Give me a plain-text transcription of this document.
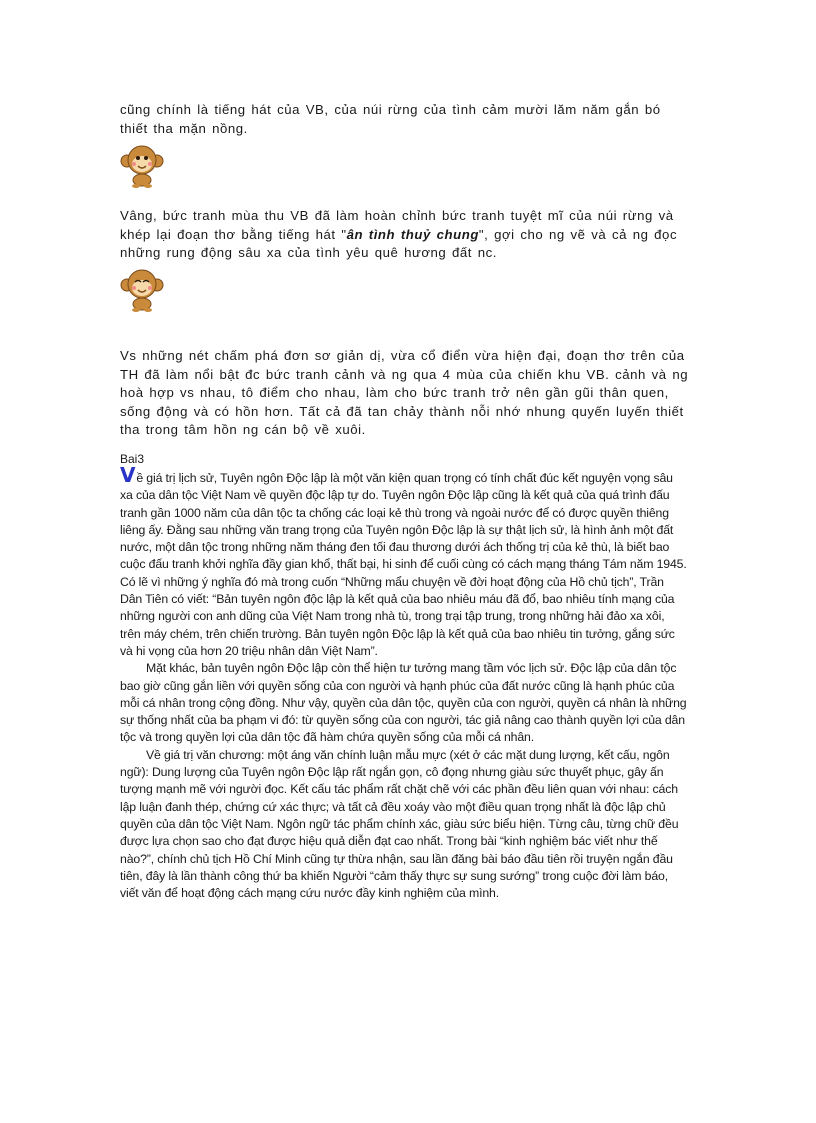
cũng chính là tiếng hát của VB, của núi rừng của tình cảm mười lăm năm gắn bó thiết tha mặn nồng.

Vâng, bức tranh mùa thu VB đã làm hoàn chỉnh bức tranh tuyệt mĩ của núi rừng và khép lại đoạn thơ bằng tiếng hát "ân tình thuỷ chung", gợi cho ng vẽ và cả ng đọc những rung động sâu xa của tình yêu quê hương đất nc.

Vs những nét chấm phá đơn sơ giản dị, vừa cổ điển vừa hiện đại, đoạn thơ trên của TH đã làm nổi bật đc bức tranh cảnh và ng qua 4 mùa của chiến khu VB. cảnh và ng hoà hợp vs nhau, tô điểm cho nhau, làm cho bức tranh trở nên gần gũi thân quen, sống động và có hồn hơn. Tất cả đã tan chảy thành nỗi nhớ nhung quyến luyến thiết tha trong tâm hồn ng cán bộ về xuôi.

Bai3

Về giá trị lịch sử, Tuyên ngôn Độc lập là một văn kiện quan trọng có tính chất đúc kết nguyện vọng sâu xa của dân tộc Việt Nam về quyền độc lập tự do. Tuyên ngôn Độc lập cũng là kết quả của quá trình đấu tranh gần 1000 năm của dân tộc ta chống các loại kẻ thù trong và ngoài nước để có được quyền thiêng liêng ấy. Đằng sau những văn trang trọng của Tuyên ngôn Độc lập là sự thật lịch sử, là hình ảnh một đất nước, một dân tộc trong những năm tháng đen tối đau thương dưới ách thống trị của kẻ thù, là biết bao cuộc đấu tranh khởi nghĩa đầy gian khổ, thất bại, hi sinh để cuối cùng có cách mạng tháng Tám năm 1945. Có lẽ vì những ý nghĩa đó mà trong cuốn “Những mẩu chuyện về đời hoạt động của Hồ chủ tịch”, Trần Dân Tiên có viết: “Bản tuyên ngôn độc lập là kết quả của bao nhiêu máu đã đổ, bao nhiêu tính mạng của những người con anh dũng của Việt Nam trong nhà tù, trong trại tập trung, trong những hải đảo xa xôi, trên máy chém, trên chiến trường. Bản tuyên ngôn Độc lập là kết quả của bao nhiêu tin tưởng, gắng sức và hi vọng của hơn 20 triệu nhân dân Việt Nam”.

Mặt khác, bản tuyên ngôn Độc lập còn thể hiện tư tưởng mang tầm vóc lịch sử. Độc lập của dân tộc bao giờ cũng gắn liền với quyền sống của con người và hạnh phúc của đất nước cũng là hạnh phúc của mỗi cá nhân trong cộng đồng. Như vậy, quyền của dân tộc, quyền của con người, quyền cá nhân là những sự thống nhất của ba phạm vi đó: từ quyền sống của con người, tác giả nâng cao thành quyền lợi của dân tộc và trong quyền lợi của dân tộc đã hàm chứa quyền sống của mỗi cá nhân.

Về giá trị văn chương: một áng văn chính luận mẫu mực (xét ở các mặt dung lượng, kết cấu, ngôn ngữ): Dung lượng của Tuyên ngôn Độc lập rất ngắn gọn, cô đọng nhưng giàu sức thuyết phục, gây ấn tượng mạnh mẽ với người đọc. Kết cấu tác phẩm rất chặt chẽ với các phần đều liên quan với nhau: cách lập luận đanh thép, chứng cứ xác thực; và tất cả đều xoáy vào một điều quan trọng nhất là độc lập chủ quyền của dân tộc Việt Nam. Ngôn ngữ tác phẩm chính xác, giàu sức biểu hiện. Từng câu, từng chữ đều được lựa chọn sao cho đạt được hiệu quả diễn đạt cao nhất. Trong bài “kinh nghiệm bác viết như thế nào?”, chính chủ tịch Hồ Chí Minh cũng tự thừa nhận, sau lần đăng bài báo đầu tiên rồi truyện ngắn đầu tiên, đây là lần thành công thứ ba khiến Người “cảm thấy thực sự sung sướng” trong cuộc đời làm báo, viết văn để hoạt động cách mạng cứu nước đầy kinh nghiệm của mình.
